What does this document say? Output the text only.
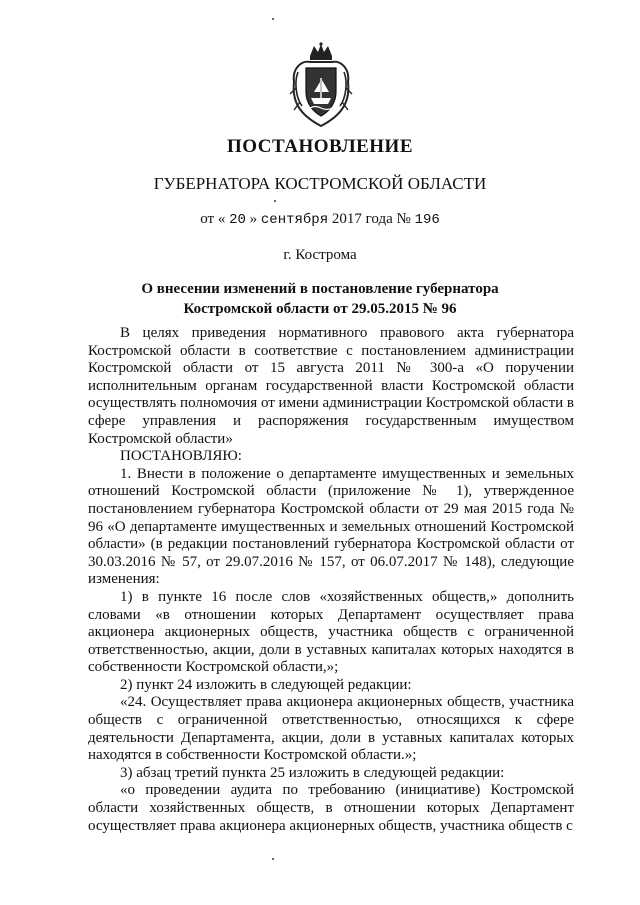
ПОСТАНОВЛЕНИЕ
ГУБЕРНАТОРА КОСТРОМСКОЙ ОБЛАСТИ
от « 20 » сентября 2017 года № 196
г. Кострома
О внесении изменений в постановление губернатора
Костромской области от 29.05.2015 № 96

В целях приведения нормативного правового акта губернатора Костромской области в соответствие с постановлением администрации Костромской области от 15 августа 2011 № 300-а «О поручении исполнительным органам государственной власти Костромской области осуществлять полномочия от имени администрации Костромской области в сфере управления и распоряжения государственным имуществом Костромской области»

ПОСТАНОВЛЯЮ:

1. Внести в положение о департаменте имущественных и земельных отношений Костромской области (приложение № 1), утвержденное постановлением губернатора Костромской области от 29 мая 2015 года № 96 «О департаменте имущественных и земельных отношений Костромской области» (в редакции постановлений губернатора Костромской области от 30.03.2016 № 57, от 29.07.2016 № 157, от 06.07.2017 № 148), следующие изменения:

1) в пункте 16 после слов «хозяйственных обществ,» дополнить словами «в отношении которых Департамент осуществляет права акционера акционерных обществ, участника обществ с ограниченной ответственностью, акции, доли в уставных капиталах которых находятся в собственности Костромской области,»;

2) пункт 24 изложить в следующей редакции:

«24. Осуществляет права акционера акционерных обществ, участника обществ с ограниченной ответственностью, относящихся к сфере деятельности Департамента, акции, доли в уставных капиталах которых находятся в собственности Костромской области.»;

3) абзац третий пункта 25 изложить в следующей редакции:

«о проведении аудита по требованию (инициативе) Костромской области хозяйственных обществ, в отношении которых Департамент осуществляет права акционера акционерных обществ, участника обществ с
